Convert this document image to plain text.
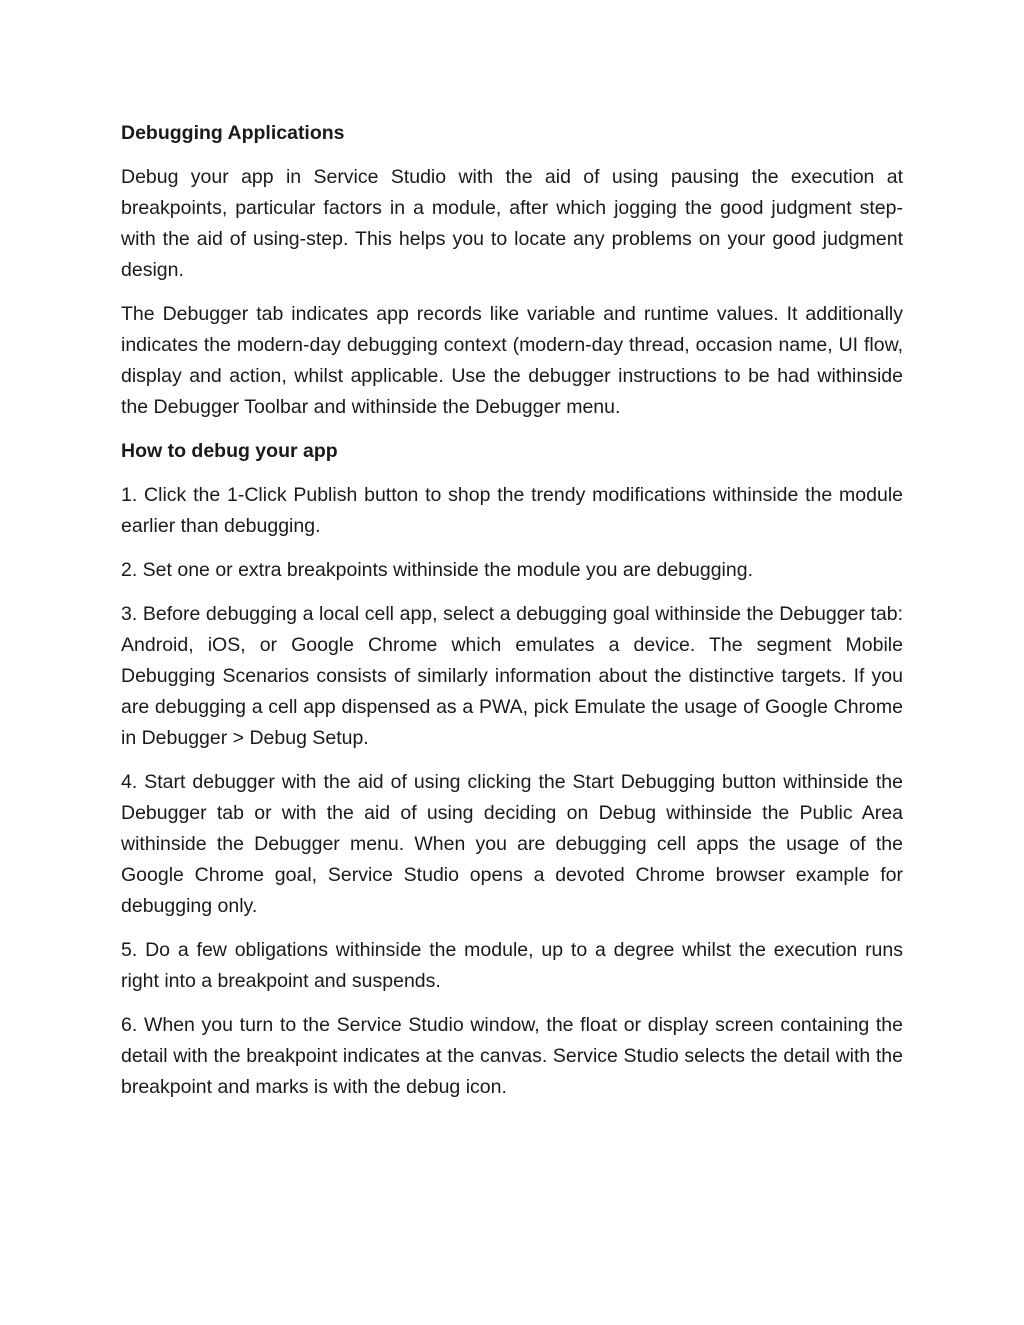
Debugging Applications

Debug your app in Service Studio with the aid of using pausing the execution at breakpoints, particular factors in a module, after which jogging the good judgment step-with the aid of using-step. This helps you to locate any problems on your good judgment design.

The Debugger tab indicates app records like variable and runtime values. It additionally indicates the modern-day debugging context (modern-day thread, occasion name, UI flow, display and action, whilst applicable. Use the debugger instructions to be had withinside the Debugger Toolbar and withinside the Debugger menu.

How to debug your app

1. Click the 1-Click Publish button to shop the trendy modifications withinside the module earlier than debugging.

2. Set one or extra breakpoints withinside the module you are debugging.

3. Before debugging a local cell app, select a debugging goal withinside the Debugger tab: Android, iOS, or Google Chrome which emulates a device. The segment Mobile Debugging Scenarios consists of similarly information about the distinctive targets. If you are debugging a cell app dispensed as a PWA, pick Emulate the usage of Google Chrome in Debugger > Debug Setup.

4. Start debugger with the aid of using clicking the Start Debugging button withinside the Debugger tab or with the aid of using deciding on Debug withinside the Public Area withinside the Debugger menu. When you are debugging cell apps the usage of the Google Chrome goal, Service Studio opens a devoted Chrome browser example for debugging only.

5. Do a few obligations withinside the module, up to a degree whilst the execution runs right into a breakpoint and suspends.

6. When you turn to the Service Studio window, the float or display screen containing the detail with the breakpoint indicates at the canvas. Service Studio selects the detail with the breakpoint and marks is with the debug icon.
